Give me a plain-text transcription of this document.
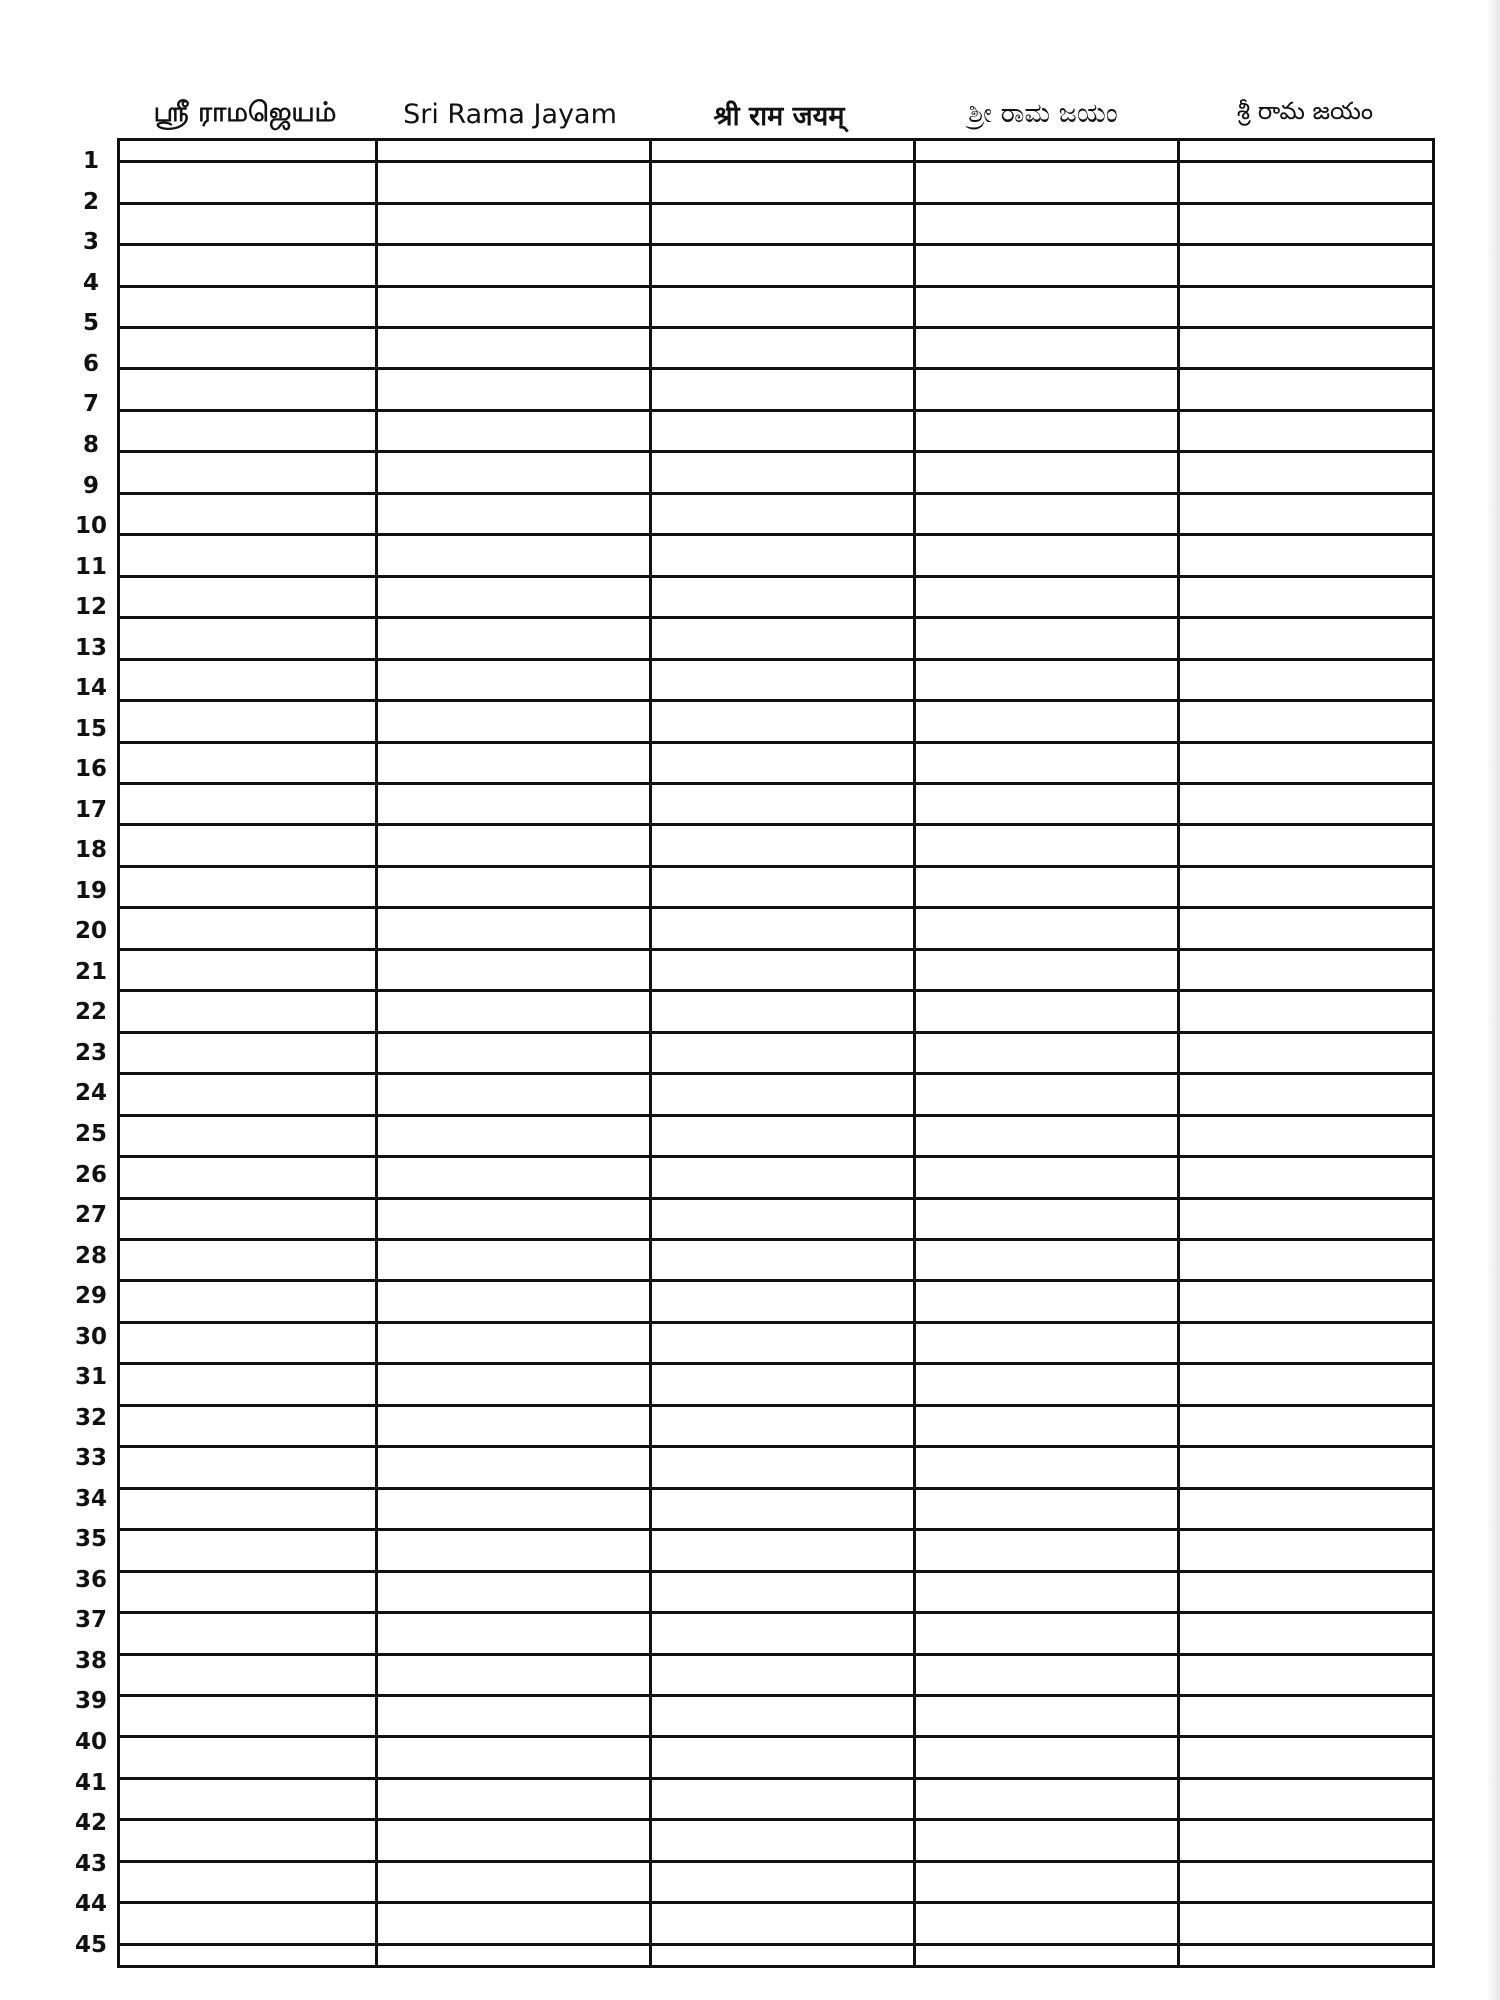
ஸ்ரீ ராமஜெயம்	Sri Rama Jayam	श्री राम जयम्	ಶ್ರೀ ರಾಮ ಜಯಂ	శ్రీ రామ జయం
1
2
3
4
5
6
7
8
9
10
11
12
13
14
15
16
17
18
19
20
21
22
23
24
25
26
27
28
29
30
31
32
33
34
35
36
37
38
39
40
41
42
43
44
45
